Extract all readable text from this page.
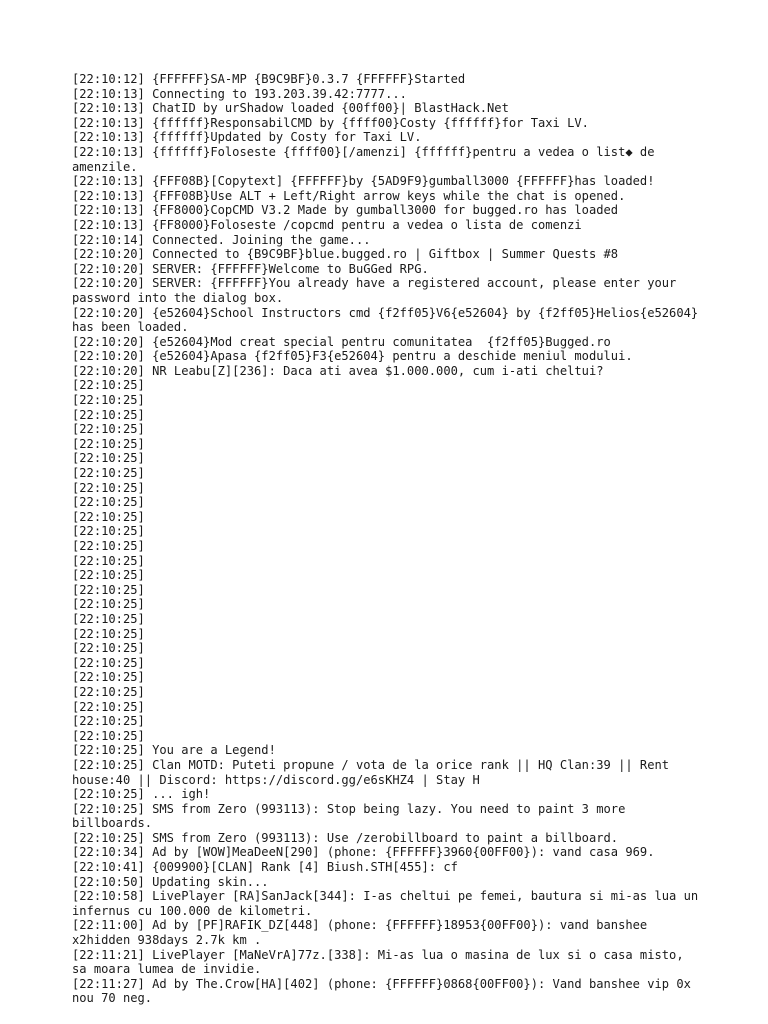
[22:10:12] {FFFFFF}SA-MP {B9C9BF}0.3.7 {FFFFFF}Started

[22:10:13] Connecting to 193.203.39.42:7777...

[22:10:13] ChatID by urShadow loaded {00ff00}| BlastHack.Net

[22:10:13] {ffffff}ResponsabilCMD by {ffff00}Costy {ffffff}for Taxi LV.

[22:10:13] {ffffff}Updated by Costy for Taxi LV.

[22:10:13] {ffffff}Foloseste {ffff00}[/amenzi] {ffffff}pentru a vedea o list◆ de amenzile.

[22:10:13] {FFF08B}[Copytext] {FFFFFF}by {5AD9F9}gumball3000 {FFFFFF}has loaded!

[22:10:13] {FFF08B}Use ALT + Left/Right arrow keys while the chat is opened.

[22:10:13] {FF8000}CopCMD V3.2 Made by gumball3000 for bugged.ro has loaded

[22:10:13] {FF8000}Foloseste /copcmd pentru a vedea o lista de comenzi

[22:10:14] Connected. Joining the game...

[22:10:20] Connected to {B9C9BF}blue.bugged.ro | Giftbox | Summer Quests #8

[22:10:20] SERVER: {FFFFFF}Welcome to BuGGed RPG.

[22:10:20] SERVER: {FFFFFF}You already have a registered account, please enter your password into the dialog box.

[22:10:20] {e52604}School Instructors cmd {f2ff05}V6{e52604} by {f2ff05}Helios{e52604} has been loaded.

[22:10:20] {e52604}Mod creat special pentru comunitatea  {f2ff05}Bugged.ro

[22:10:20] {e52604}Apasa {f2ff05}F3{e52604} pentru a deschide meniul modului.

[22:10:20] NR Leabu[Z][236]: Daca ati avea $1.000.000, cum i-ati cheltui?

[22:10:25]

[22:10:25]

[22:10:25]

[22:10:25]

[22:10:25]

[22:10:25]

[22:10:25]

[22:10:25]

[22:10:25]

[22:10:25]

[22:10:25]

[22:10:25]

[22:10:25]

[22:10:25]

[22:10:25]

[22:10:25]

[22:10:25]

[22:10:25]

[22:10:25]

[22:10:25]

[22:10:25]

[22:10:25]

[22:10:25]

[22:10:25]

[22:10:25]

[22:10:25] You are a Legend!

[22:10:25] Clan MOTD: Puteti propune / vota de la orice rank || HQ Clan:39 || Rent house:40 || Discord: https://discord.gg/e6sKHZ4 | Stay H

[22:10:25] ... igh!

[22:10:25] SMS from Zero (993113): Stop being lazy. You need to paint 3 more billboards.

[22:10:25] SMS from Zero (993113): Use /zerobillboard to paint a billboard.

[22:10:34] Ad by [WOW]MeaDeeN[290] (phone: {FFFFFF}3960{00FF00}): vand casa 969.

[22:10:41] {009900}[CLAN] Rank [4] Biush.STH[455]: cf

[22:10:50] Updating skin...

[22:10:58] LivePlayer [RA]SanJack[344]: I-as cheltui pe femei, bautura si mi-as lua un infernus cu 100.000 de kilometri.

[22:11:00] Ad by [PF]RAFIK_DZ[448] (phone: {FFFFFF}18953{00FF00}): vand banshee x2hidden 938days 2.7k km .

[22:11:21] LivePlayer [MaNeVrA]77z.[338]: Mi-as lua o masina de lux si o casa misto, sa moara lumea de invidie.

[22:11:27] Ad by The.Crow[HA][402] (phone: {FFFFFF}0868{00FF00}): Vand banshee vip 0x nou 70 neg.
